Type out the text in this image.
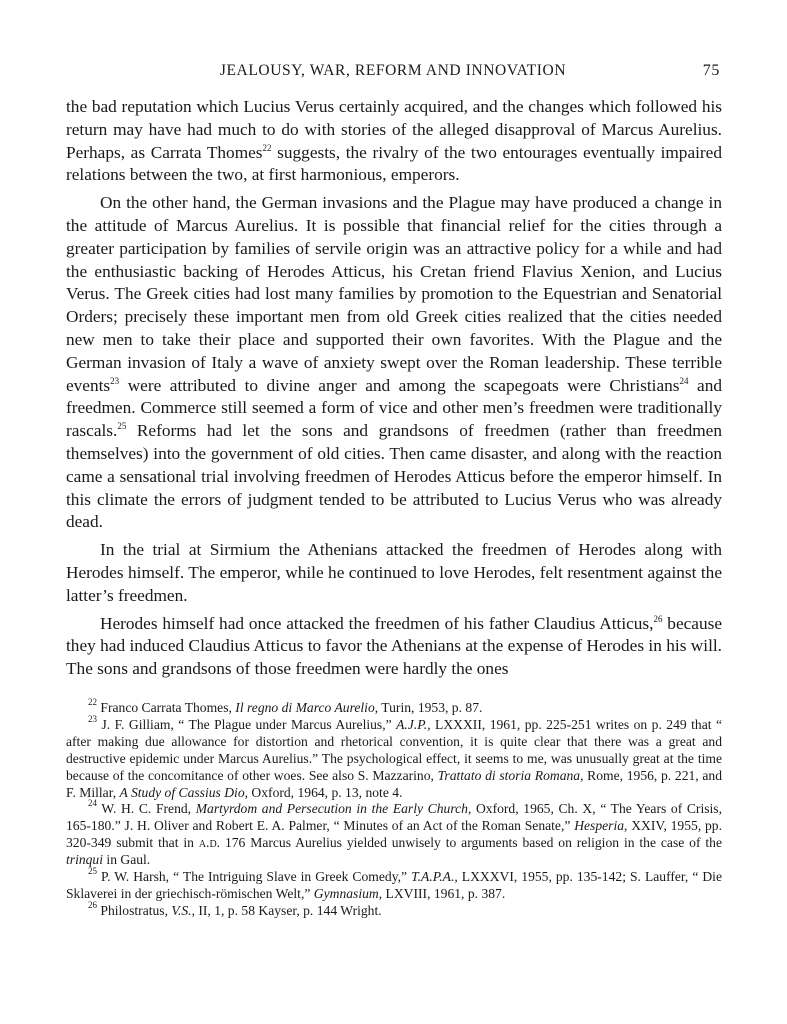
JEALOUSY, WAR, REFORM AND INNOVATION	75

the bad reputation which Lucius Verus certainly acquired, and the changes which followed his return may have had much to do with stories of the alleged disapproval of Marcus Aurelius. Perhaps, as Carrata Thomes$^{22}$ suggests, the rivalry of the two entourages eventually impaired relations between the two, at first harmonious, emperors.

On the other hand, the German invasions and the Plague may have produced a change in the attitude of Marcus Aurelius. It is possible that financial relief for the cities through a greater participation by families of servile origin was an attractive policy for a while and had the enthusiastic backing of Herodes Atticus, his Cretan friend Flavius Xenion, and Lucius Verus. The Greek cities had lost many families by promotion to the Equestrian and Senatorial Orders; precisely these important men from old Greek cities realized that the cities needed new men to take their place and supported their own favorites. With the Plague and the German invasion of Italy a wave of anxiety swept over the Roman leadership. These terrible events$^{23}$ were attributed to divine anger and among the scapegoats were Christians$^{24}$ and freedmen. Commerce still seemed a form of vice and other men’s freedmen were traditionally rascals.$^{25}$ Reforms had let the sons and grandsons of freedmen (rather than freedmen themselves) into the government of old cities. Then came disaster, and along with the reaction came a sensational trial involving freedmen of Herodes Atticus before the emperor himself. In this climate the errors of judgment tended to be attributed to Lucius Verus who was already dead.

In the trial at Sirmium the Athenians attacked the freedmen of Herodes along with Herodes himself. The emperor, while he continued to love Herodes, felt resentment against the latter’s freedmen.

Herodes himself had once attacked the freedmen of his father Claudius Atticus,$^{26}$ because they had induced Claudius Atticus to favor the Athenians at the expense of Herodes in his will. The sons and grandsons of those freedmen were hardly the ones

$^{22}$ Franco Carrata Thomes, Il regno di Marco Aurelio, Turin, 1953, p. 87.

$^{23}$ J. F. Gilliam, “ The Plague under Marcus Aurelius,” A.J.P., LXXXII, 1961, pp. 225-251 writes on p. 249 that “ after making due allowance for distortion and rhetorical convention, it is quite clear that there was a great and destructive epidemic under Marcus Aurelius.” The psychological effect, it seems to me, was unusually great at the time because of the concomitance of other woes. See also S. Mazzarino, Trattato di storia Romana, Rome, 1956, p. 221, and F. Millar, A Study of Cassius Dio, Oxford, 1964, p. 13, note 4.

$^{24}$ W. H. C. Frend, Martyrdom and Persecution in the Early Church, Oxford, 1965, Ch. X, “ The Years of Crisis, 165-180.” J. H. Oliver and Robert E. A. Palmer, “ Minutes of an Act of the Roman Senate,” Hesperia, XXIV, 1955, pp. 320-349 submit that in a.d. 176 Marcus Aurelius yielded unwisely to arguments based on religion in the case of the trinqui in Gaul.

$^{25}$ P. W. Harsh, “ The Intriguing Slave in Greek Comedy,” T.A.P.A., LXXXVI, 1955, pp. 135-142; S. Lauffer, “ Die Sklaverei in der griechisch-römischen Welt,” Gymnasium, LXVIII, 1961, p. 387.

$^{26}$ Philostratus, V.S., II, 1, p. 58 Kayser, p. 144 Wright.
